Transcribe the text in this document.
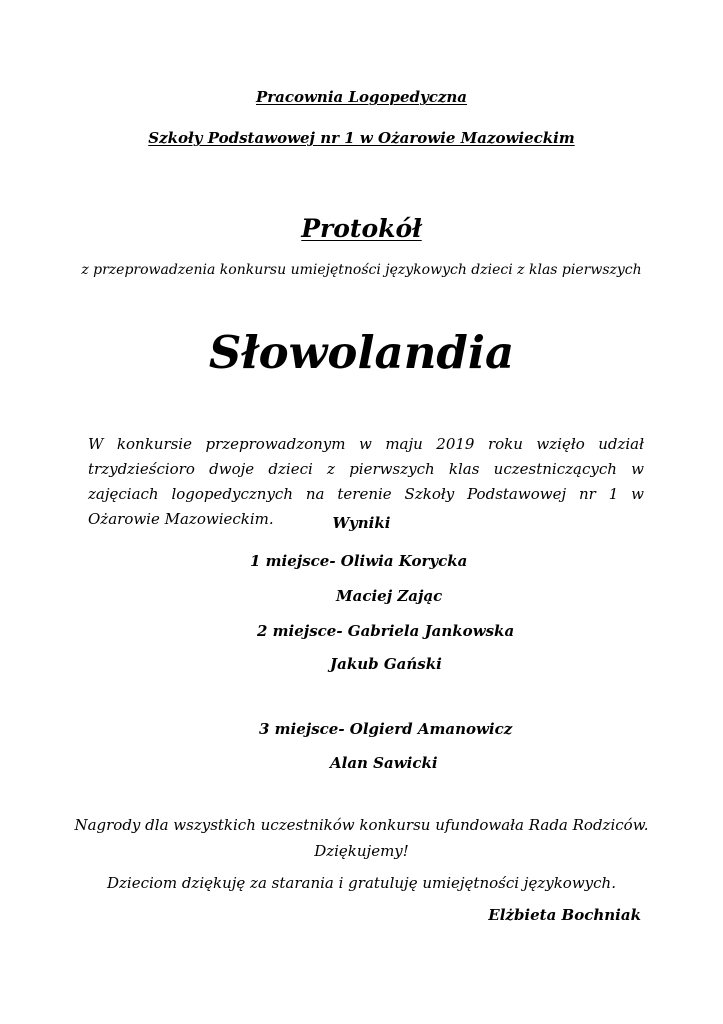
Pracownia Logopedyczna
Szkoły Podstawowej nr 1 w Ożarowie Mazowieckim
Protokół
z przeprowadzenia konkursu umiejętności językowych dzieci z klas pierwszych
Słowolandia
W konkursie przeprowadzonym w maju 2019 roku wzięło udział trzydzieścioro dwoje dzieci z pierwszych klas uczestniczących w zajęciach logopedycznych na terenie Szkoły Podstawowej nr 1 w Ożarowie Mazowieckim.	Wyniki
1 miejsce- Oliwia Korycka
Maciej Zając
2 miejsce- Gabriela Jankowska
Jakub Gański
3 miejsce- Olgierd Amanowicz
Alan Sawicki
Nagrody dla wszystkich uczestników konkursu ufundowała Rada Rodziców.
Dziękujemy!
Dzieciom dziękuję za starania i gratuluję umiejętności językowych.
Elżbieta Bochniak
